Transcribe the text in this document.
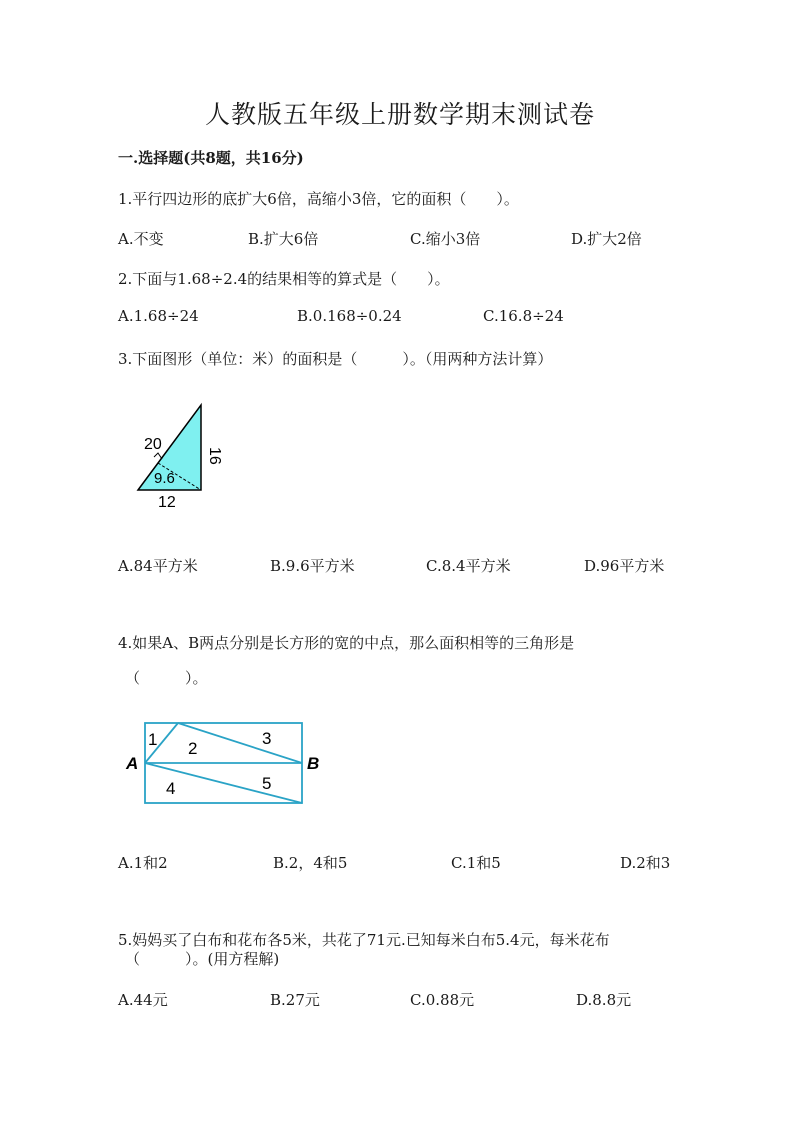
人教版五年级上册数学期末测试卷
一.选择题(共8题，共16分)
1.平行四边形的底扩大6倍，高缩小3倍，它的面积（　　）。
A.不变	B.扩大6倍	C.缩小3倍	D.扩大2倍
2.下面与1.68÷2.4的结果相等的算式是（　　）。
A.1.68÷24	B.0.168÷0.24	C.16.8÷24
3.下面图形（单位：米）的面积是（　　　）。（用两种方法计算）
20
16
9.6
12
A.84平方米	B.9.6平方米	C.8.4平方米	D.96平方米
4.如果A、B两点分别是长方形的宽的中点，那么面积相等的三角形是
（　　　）。
1 2
3
4	5
A	B
A.1和2	B.2，4和5	C.1和5	D.2和3
5.妈妈买了白布和花布各5米，共花了71元.已知每米白布5.4元，每米花布
（　　　）。(用方程解)
A.44元	B.27元	C.0.88元	D.8.8元
